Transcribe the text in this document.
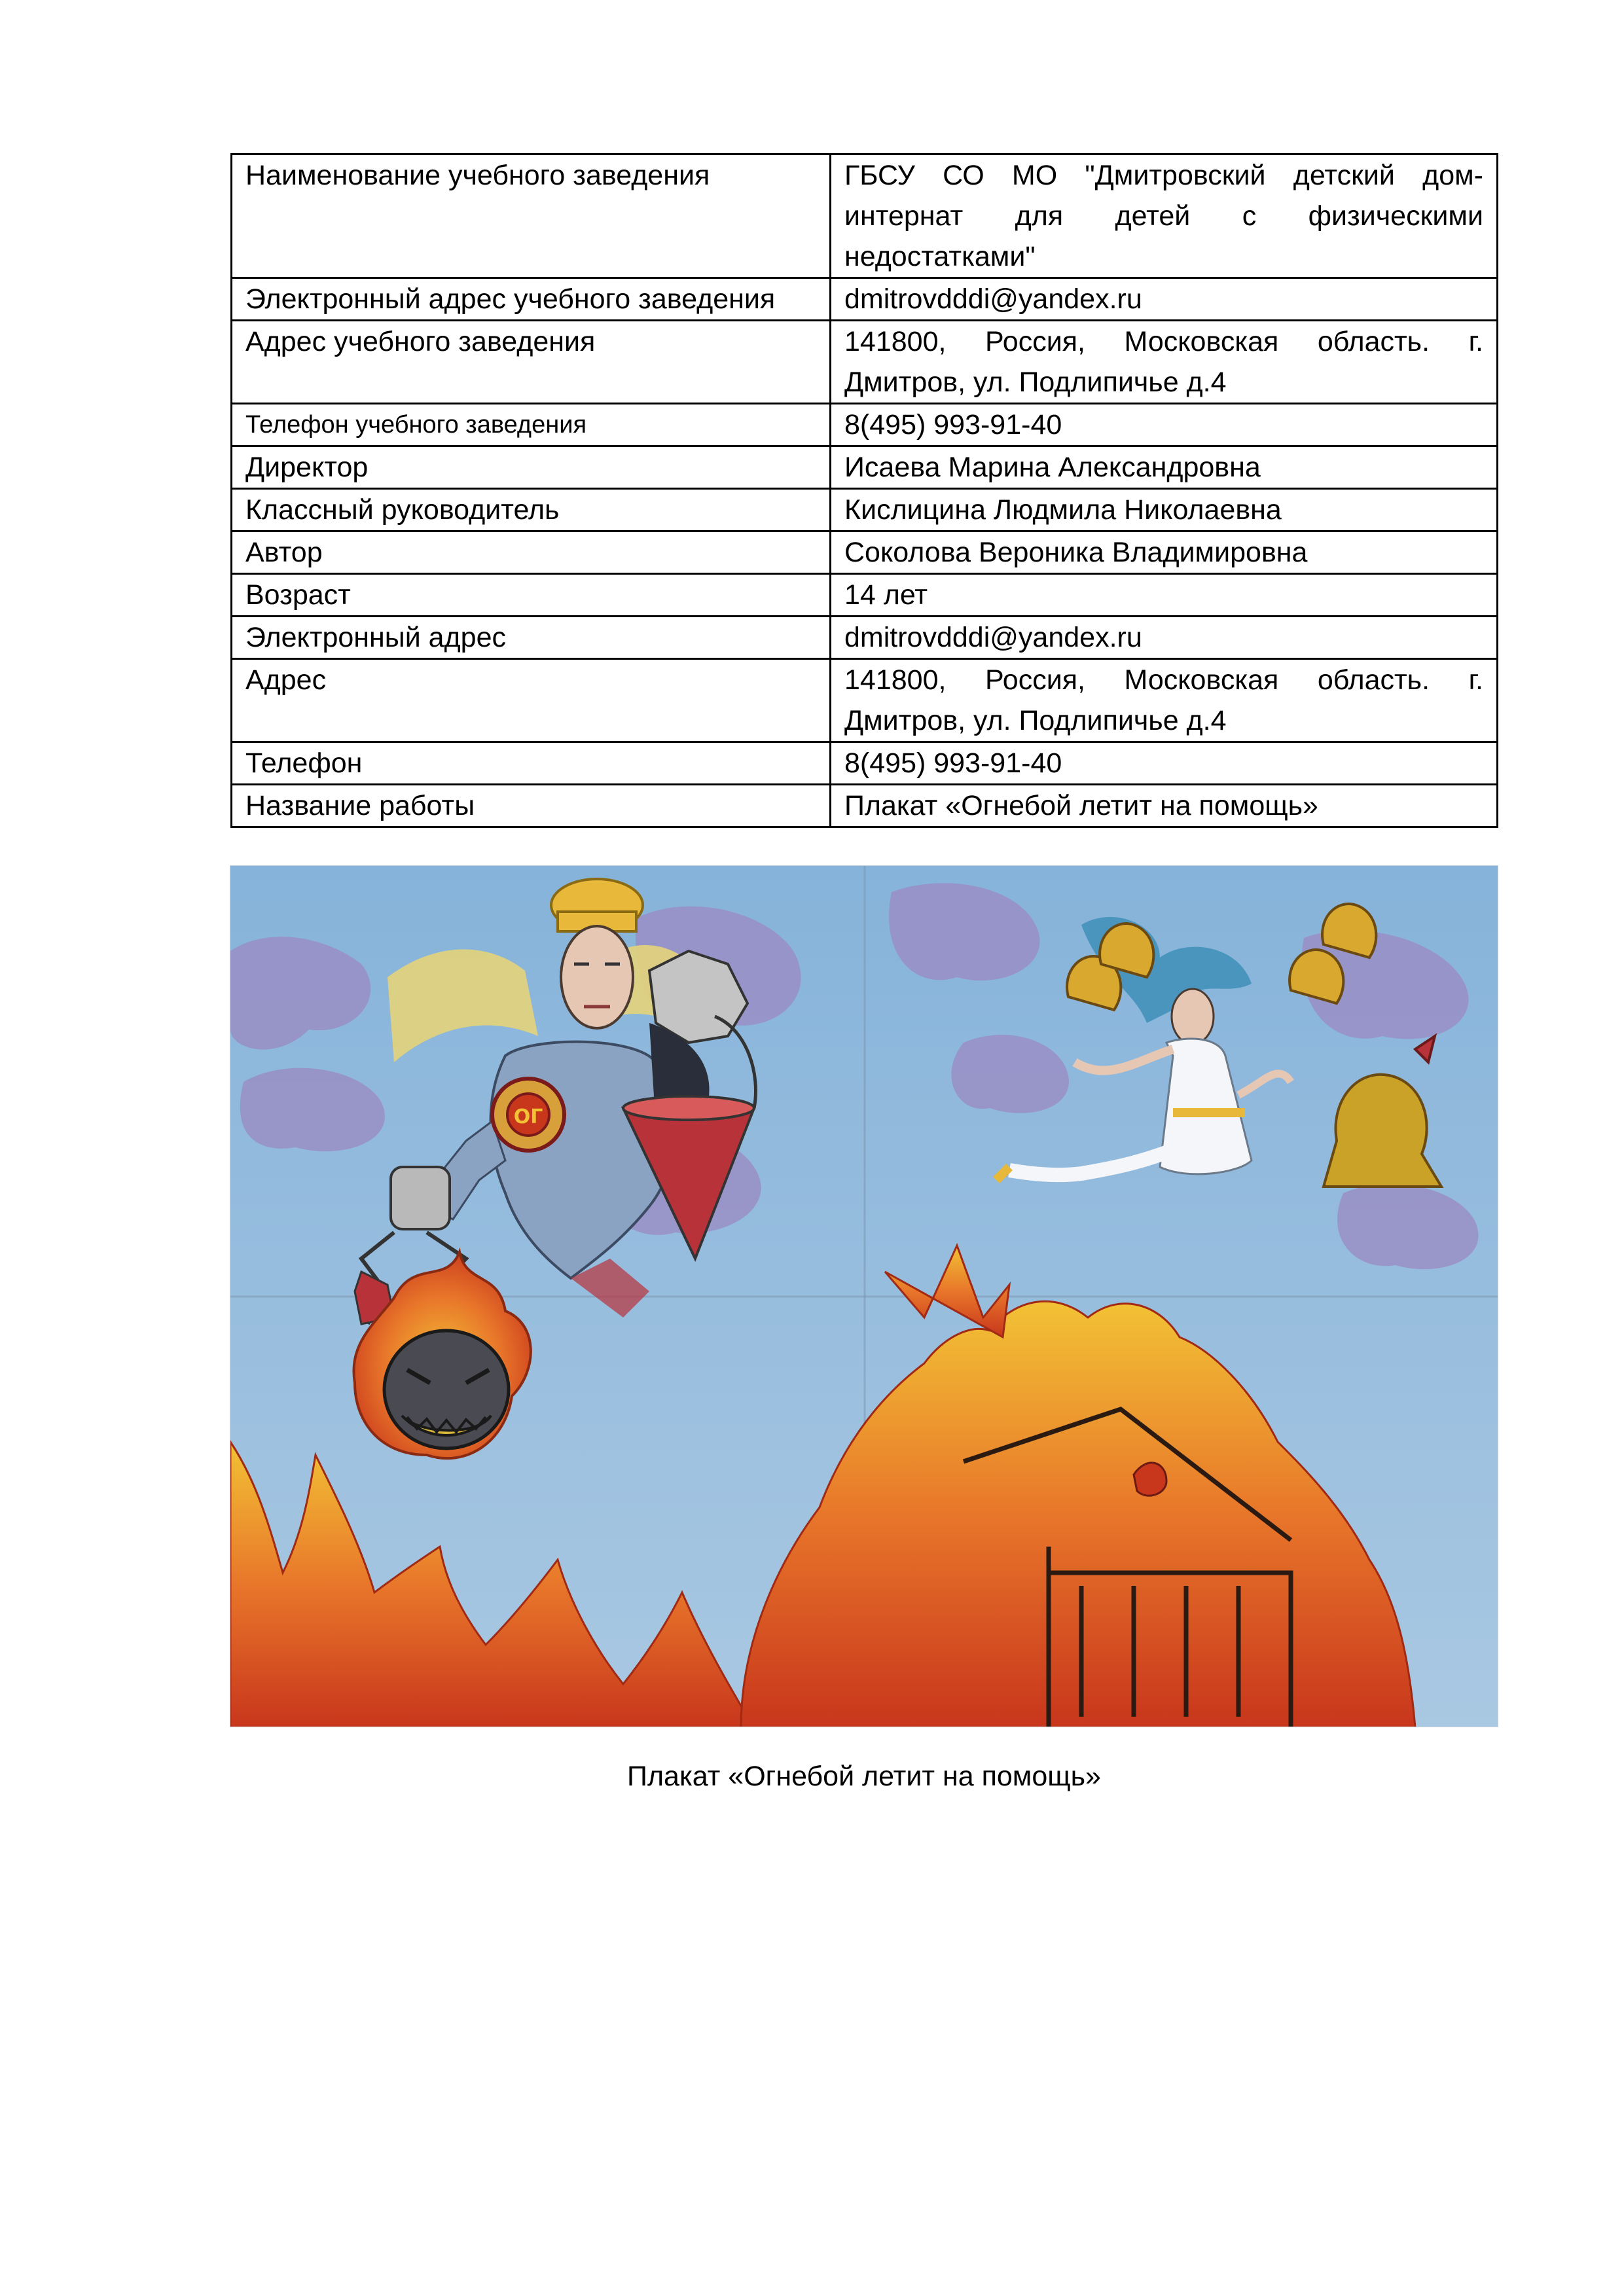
Наименование учебного заведения	ГБСУ СО МО "Дмитровский детский дом-интернат для детей с физическими недостатками"
Электронный адрес учебного заведения	dmitrovdddi@yandex.ru
Адрес учебного заведения	141800, Россия, Московская область. г. Дмитров, ул. Подлипичье д.4
Телефон учебного заведения	8(495) 993-91-40
Директор	Исаева Марина Александровна
Классный руководитель	Кислицина Людмила Николаевна
Автор	Соколова Вероника Владимировна
Возраст	14 лет
Электронный адрес	dmitrovdddi@yandex.ru
Адрес	141800, Россия, Московская область. г. Дмитров, ул. Подлипичье д.4
Телефон	8(495) 993-91-40
Название работы	Плакат «Огнебой летит на помощь»
ОГ
Плакат «Огнебой летит на помощь»
